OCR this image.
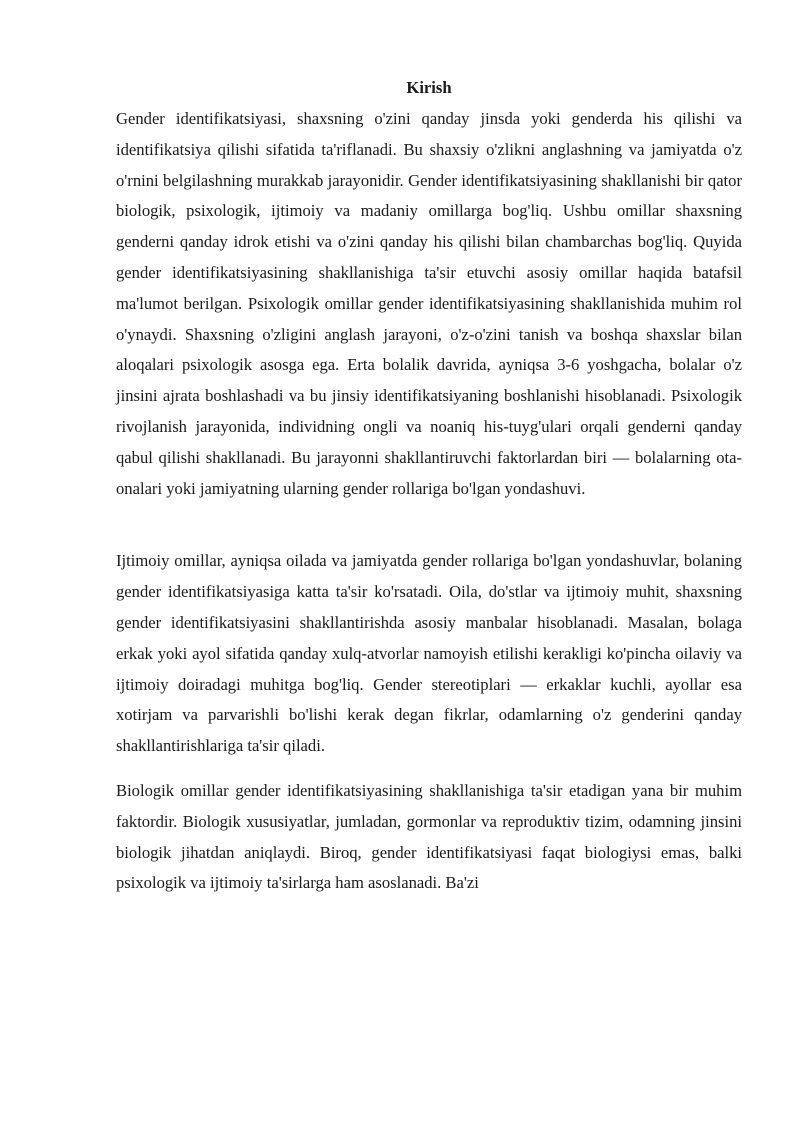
Kirish

Gender identifikatsiyasi, shaxsning o'zini qanday jinsda yoki genderda his qilishi va identifikatsiya qilishi sifatida ta'riflanadi. Bu shaxsiy o'zlikni anglashning va jamiyatda o'z o'rnini belgilashning murakkab jarayonidir. Gender identifikatsiyasining shakllanishi bir qator biologik, psixologik, ijtimoiy va madaniy omillarga bog'liq. Ushbu omillar shaxsning genderni qanday idrok etishi va o'zini qanday his qilishi bilan chambarchas bog'liq. Quyida gender identifikatsiyasining shakllanishiga ta'sir etuvchi asosiy omillar haqida batafsil ma'lumot berilgan. Psixologik omillar gender identifikatsiyasining shakllanishida muhim rol o'ynaydi. Shaxsning o'zligini anglash jarayoni, o'z-o'zini tanish va boshqa shaxslar bilan aloqalari psixologik asosga ega. Erta bolalik davrida, ayniqsa 3-6 yoshgacha, bolalar o'z jinsini ajrata boshlashadi va bu jinsiy identifikatsiyaning boshlanishi hisoblanadi. Psixologik rivojlanish jarayonida, individning ongli va noaniq his-tuyg'ulari orqali genderni qanday qabul qilishi shakllanadi. Bu jarayonni shakllantiruvchi faktorlardan biri — bolalarning ota-onalari yoki jamiyatning ularning gender rollariga bo'lgan yondashuvi.

Ijtimoiy omillar, ayniqsa oilada va jamiyatda gender rollariga bo'lgan yondashuvlar, bolaning gender identifikatsiyasiga katta ta'sir ko'rsatadi. Oila, do'stlar va ijtimoiy muhit, shaxsning gender identifikatsiyasini shakllantirishda asosiy manbalar hisoblanadi. Masalan, bolaga erkak yoki ayol sifatida qanday xulq-atvorlar namoyish etilishi kerakligi ko'pincha oilaviy va ijtimoiy doiradagi muhitga bog'liq. Gender stereotiplari — erkaklar kuchli, ayollar esa xotirjam va parvarishli bo'lishi kerak degan fikrlar, odamlarning o'z genderini qanday shakllantirishlariga ta'sir qiladi.

Biologik omillar gender identifikatsiyasining shakllanishiga ta'sir etadigan yana bir muhim faktordir. Biologik xususiyatlar, jumladan, gormonlar va reproduktiv tizim, odamning jinsini biologik jihatdan aniqlaydi. Biroq, gender identifikatsiyasi faqat biologiysi emas, balki psixologik va ijtimoiy ta'sirlarga ham asoslanadi. Ba'zi
